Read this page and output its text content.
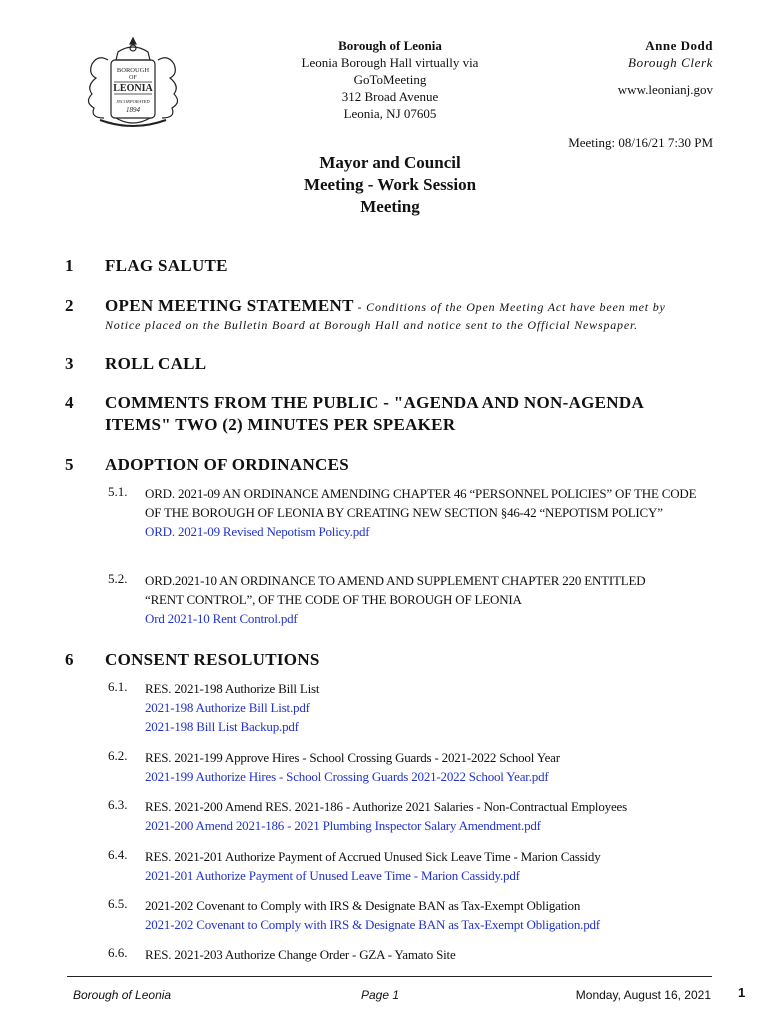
BOROUGH
OF
LEONIA
INCORPORATED
1894
Borough of Leonia
Leonia Borough Hall virtually via
GoToMeeting
312 Broad Avenue
Leonia, NJ 07605
Anne Dodd
Borough Clerk
www.leonianj.gov
Meeting: 08/16/21 7:30 PM
Mayor and Council
Meeting - Work Session
Meeting
1 FLAG SALUTE
2 OPEN MEETING STATEMENT - Conditions of the Open Meeting Act have been met by
Notice placed on the Bulletin Board at Borough Hall and notice sent to the Official Newspaper.
3 ROLL CALL
4 COMMENTS FROM THE PUBLIC - "AGENDA AND NON-AGENDA ITEMS" TWO (2) MINUTES PER SPEAKER
5 ADOPTION OF ORDINANCES
5.1. ORD. 2021-09 AN ORDINANCE AMENDING CHAPTER 46 “PERSONNEL POLICIES” OF THE CODE OF THE BOROUGH OF LEONIA BY CREATING NEW SECTION §46-42 “NEPOTISM POLICY”
ORD. 2021-09 Revised Nepotism Policy.pdf
5.2. ORD.2021-10 AN ORDINANCE TO AMEND AND SUPPLEMENT CHAPTER 220 ENTITLED “RENT CONTROL”, OF THE CODE OF THE BOROUGH OF LEONIA
Ord 2021-10 Rent Control.pdf
6 CONSENT RESOLUTIONS
6.1. RES. 2021-198 Authorize Bill List
2021-198 Authorize Bill List.pdf
2021-198 Bill List Backup.pdf
6.2. RES. 2021-199 Approve Hires - School Crossing Guards - 2021-2022 School Year
2021-199 Authorize Hires - School Crossing Guards 2021-2022 School Year.pdf
6.3. RES. 2021-200 Amend RES. 2021-186 - Authorize 2021 Salaries - Non-Contractual Employees
2021-200 Amend 2021-186 - 2021 Plumbing Inspector Salary Amendment.pdf
6.4. RES. 2021-201 Authorize Payment of Accrued Unused Sick Leave Time - Marion Cassidy
2021-201 Authorize Payment of Unused Leave Time - Marion Cassidy.pdf
6.5. 2021-202 Covenant to Comply with IRS & Designate BAN as Tax-Exempt Obligation
2021-202 Covenant to Comply with IRS & Designate BAN as Tax-Exempt Obligation.pdf
6.6. RES. 2021-203 Authorize Change Order - GZA - Yamato Site
Borough of Leonia	Page 1	Monday, August 16, 2021 1
